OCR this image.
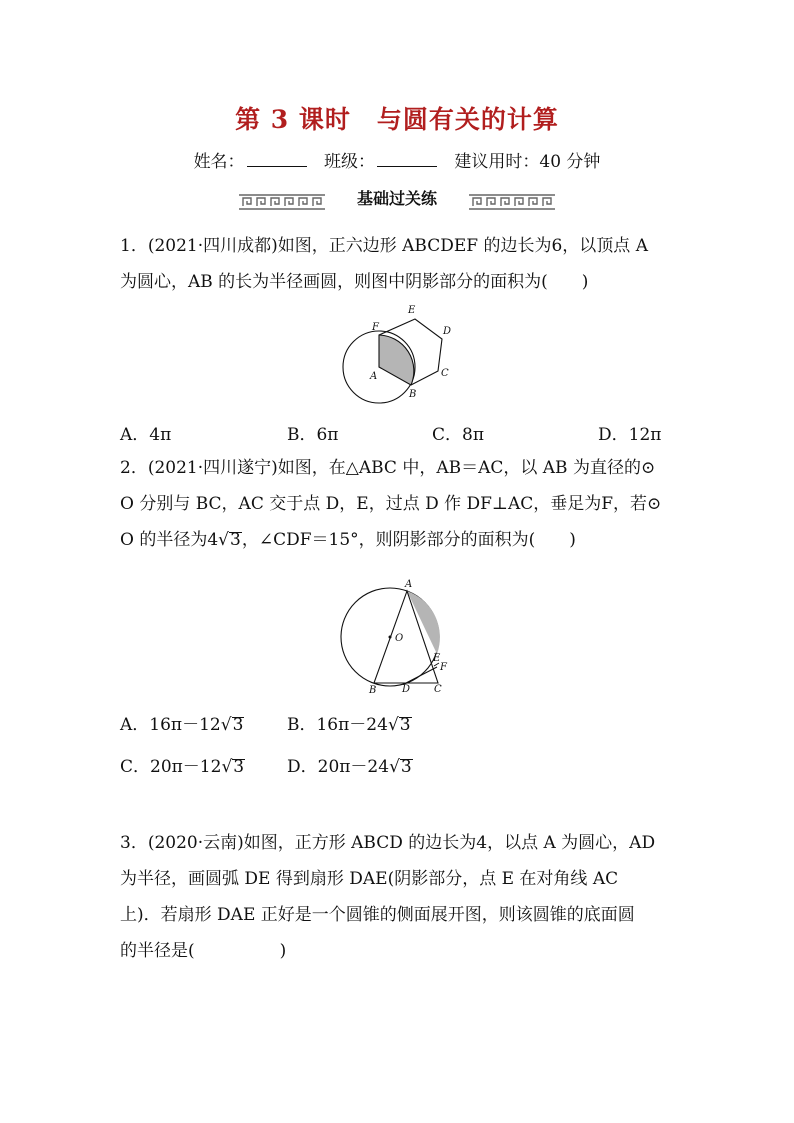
第 3 课时　与圆有关的计算
姓名：	班级：	建议用时：40 分钟
基础过关练
1．(2021·四川成都)如图，正六边形 ABCDEF 的边长为6，以顶点 A
为圆心，AB 的长为半径画圆，则图中阴影部分的面积为(　　)
F
E
D
C
B
A
A．4π	B．6π	C．8π	D．12π
2．(2021·四川遂宁)如图，在△ABC 中，AB＝AC，以 AB 为直径的⊙
O 分别与 BC，AC 交于点 D，E，过点 D 作 DF⊥AC，垂足为F，若⊙
O 的半径为4√3，∠CDF＝15°，则阴影部分的面积为(　　)
A
O
E
F
B	D C
A．16π－12√3	B．16π－24√3
C．20π－12√3	D．20π－24√3
3．(2020·云南)如图，正方形 ABCD 的边长为4，以点 A 为圆心，AD
为半径，画圆弧 DE 得到扇形 DAE(阴影部分，点 E 在对角线 AC
上)．若扇形 DAE 正好是一个圆锥的侧面展开图，则该圆锥的底面圆
的半径是(　　　　　)
